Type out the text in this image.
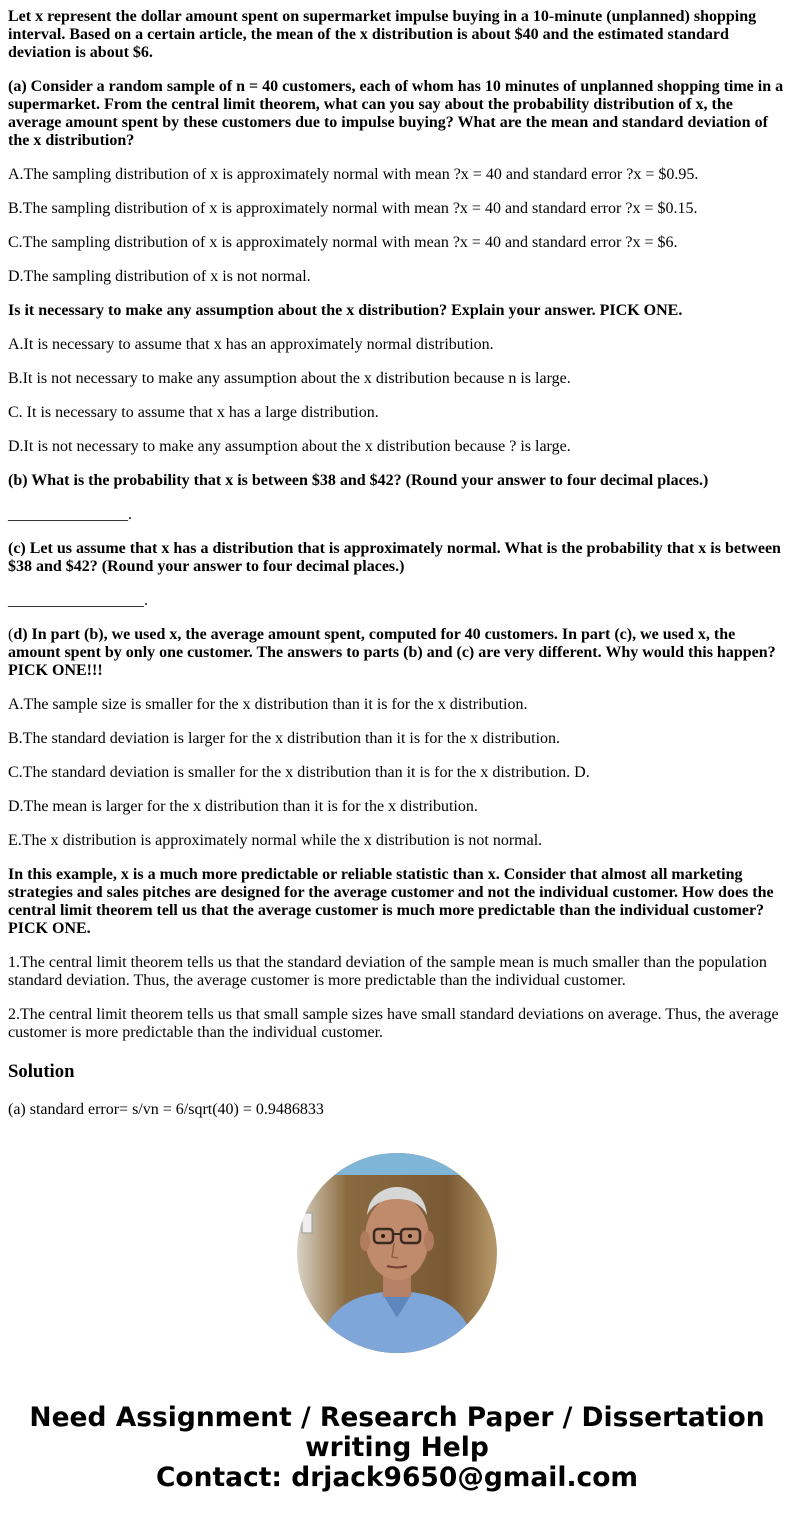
Let x represent the dollar amount spent on supermarket impulse buying in a 10-minute (unplanned) shopping interval. Based on a certain article, the mean of the x distribution is about $40 and the estimated standard deviation is about $6.

(a) Consider a random sample of n = 40 customers, each of whom has 10 minutes of unplanned shopping time in a supermarket. From the central limit theorem, what can you say about the probability distribution of x, the average amount spent by these customers due to impulse buying? What are the mean and standard deviation of the x distribution?

A.The sampling distribution of x is approximately normal with mean ?x = 40 and standard error ?x = $0.95.

B.The sampling distribution of x is approximately normal with mean ?x = 40 and standard error ?x = $0.15.

C.The sampling distribution of x is approximately normal with mean ?x = 40 and standard error ?x = $6.

D.The sampling distribution of x is not normal.

Is it necessary to make any assumption about the x distribution? Explain your answer. PICK ONE.

A.It is necessary to assume that x has an approximately normal distribution.

B.It is not necessary to make any assumption about the x distribution because n is large.

C. It is necessary to assume that x has a large distribution.

D.It is not necessary to make any assumption about the x distribution because ? is large.

(b) What is the probability that x is between $38 and $42? (Round your answer to four decimal places.)

_______________.

(c) Let us assume that x has a distribution that is approximately normal. What is the probability that x is between $38 and $42? (Round your answer to four decimal places.)

_________________.

(d) In part (b), we used x, the average amount spent, computed for 40 customers. In part (c), we used x, the amount spent by only one customer. The answers to parts (b) and (c) are very different. Why would this happen? PICK ONE!!!

A.The sample size is smaller for the x distribution than it is for the x distribution.

B.The standard deviation is larger for the x distribution than it is for the x distribution.

C.The standard deviation is smaller for the x distribution than it is for the x distribution. D.

D.The mean is larger for the x distribution than it is for the x distribution.

E.The x distribution is approximately normal while the x distribution is not normal.

In this example, x is a much more predictable or reliable statistic than x. Consider that almost all marketing strategies and sales pitches are designed for the average customer and not the individual customer. How does the central limit theorem tell us that the average customer is much more predictable than the individual customer? PICK ONE.

1.The central limit theorem tells us that the standard deviation of the sample mean is much smaller than the population standard deviation. Thus, the average customer is more predictable than the individual customer.

2.The central limit theorem tells us that small sample sizes have small standard deviations on average. Thus, the average customer is more predictable than the individual customer.

Solution

(a) standard error= s/vn = 6/sqrt(40) = 0.9486833

Need Assignment / Research Paper / Dissertation
writing Help
Contact: drjack9650@gmail.com
